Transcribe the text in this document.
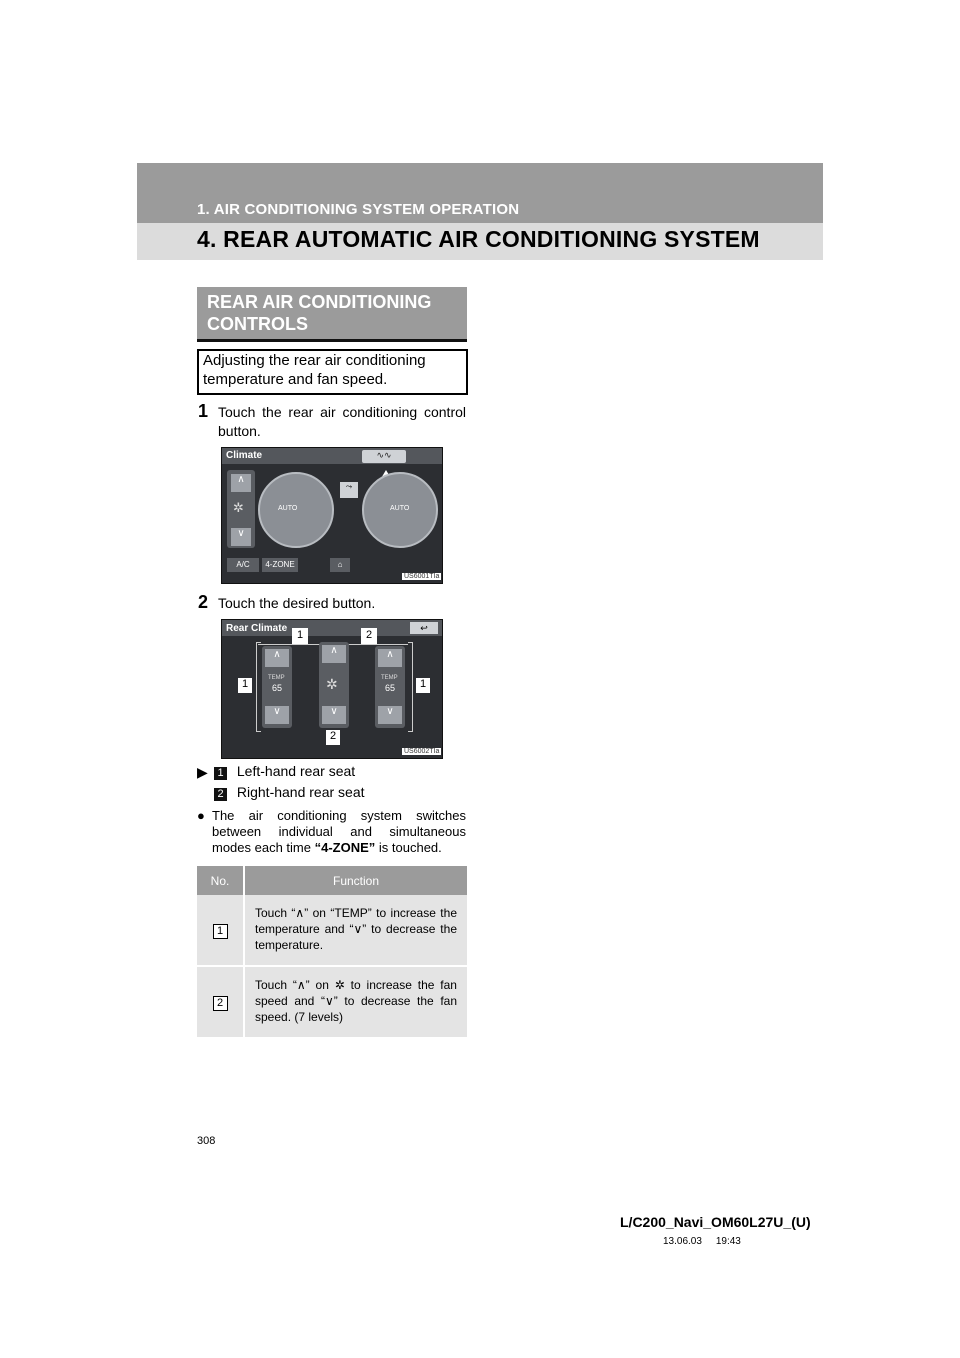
1. AIR CONDITIONING SYSTEM OPERATION
4. REAR AUTOMATIC AIR CONDITIONING SYSTEM
REAR AIR CONDITIONING CONTROLS
Adjusting the rear air conditioning temperature and fan speed.
1 Touch the rear air conditioning control button.
Climate	∿∿
∧
✲
∨
AUTO
⤳
AUTO
A/C	4-ZONE	⌂
US6001TIa
2 Touch the desired button.
Rear Climate	↩
1	2
1
∧
TEMP
65
∨
∧
✲
∨
∧
TEMP
65
∨
1
2
US6002TIa
▶ 1 Left-hand rear seat
2 Right-hand rear seat
● The air conditioning system switches between individual and simultaneous modes each time “4-ZONE” is touched.
No.	Function
1	Touch “∧” on “TEMP” to increase the temperature and “∨” to decrease the temperature.
2	Touch “∧” on ✲ to increase the fan speed and “∨” to decrease the fan speed. (7 levels)
308
L/C200_Navi_OM60L27U_(U)
13.06.03     19:43
